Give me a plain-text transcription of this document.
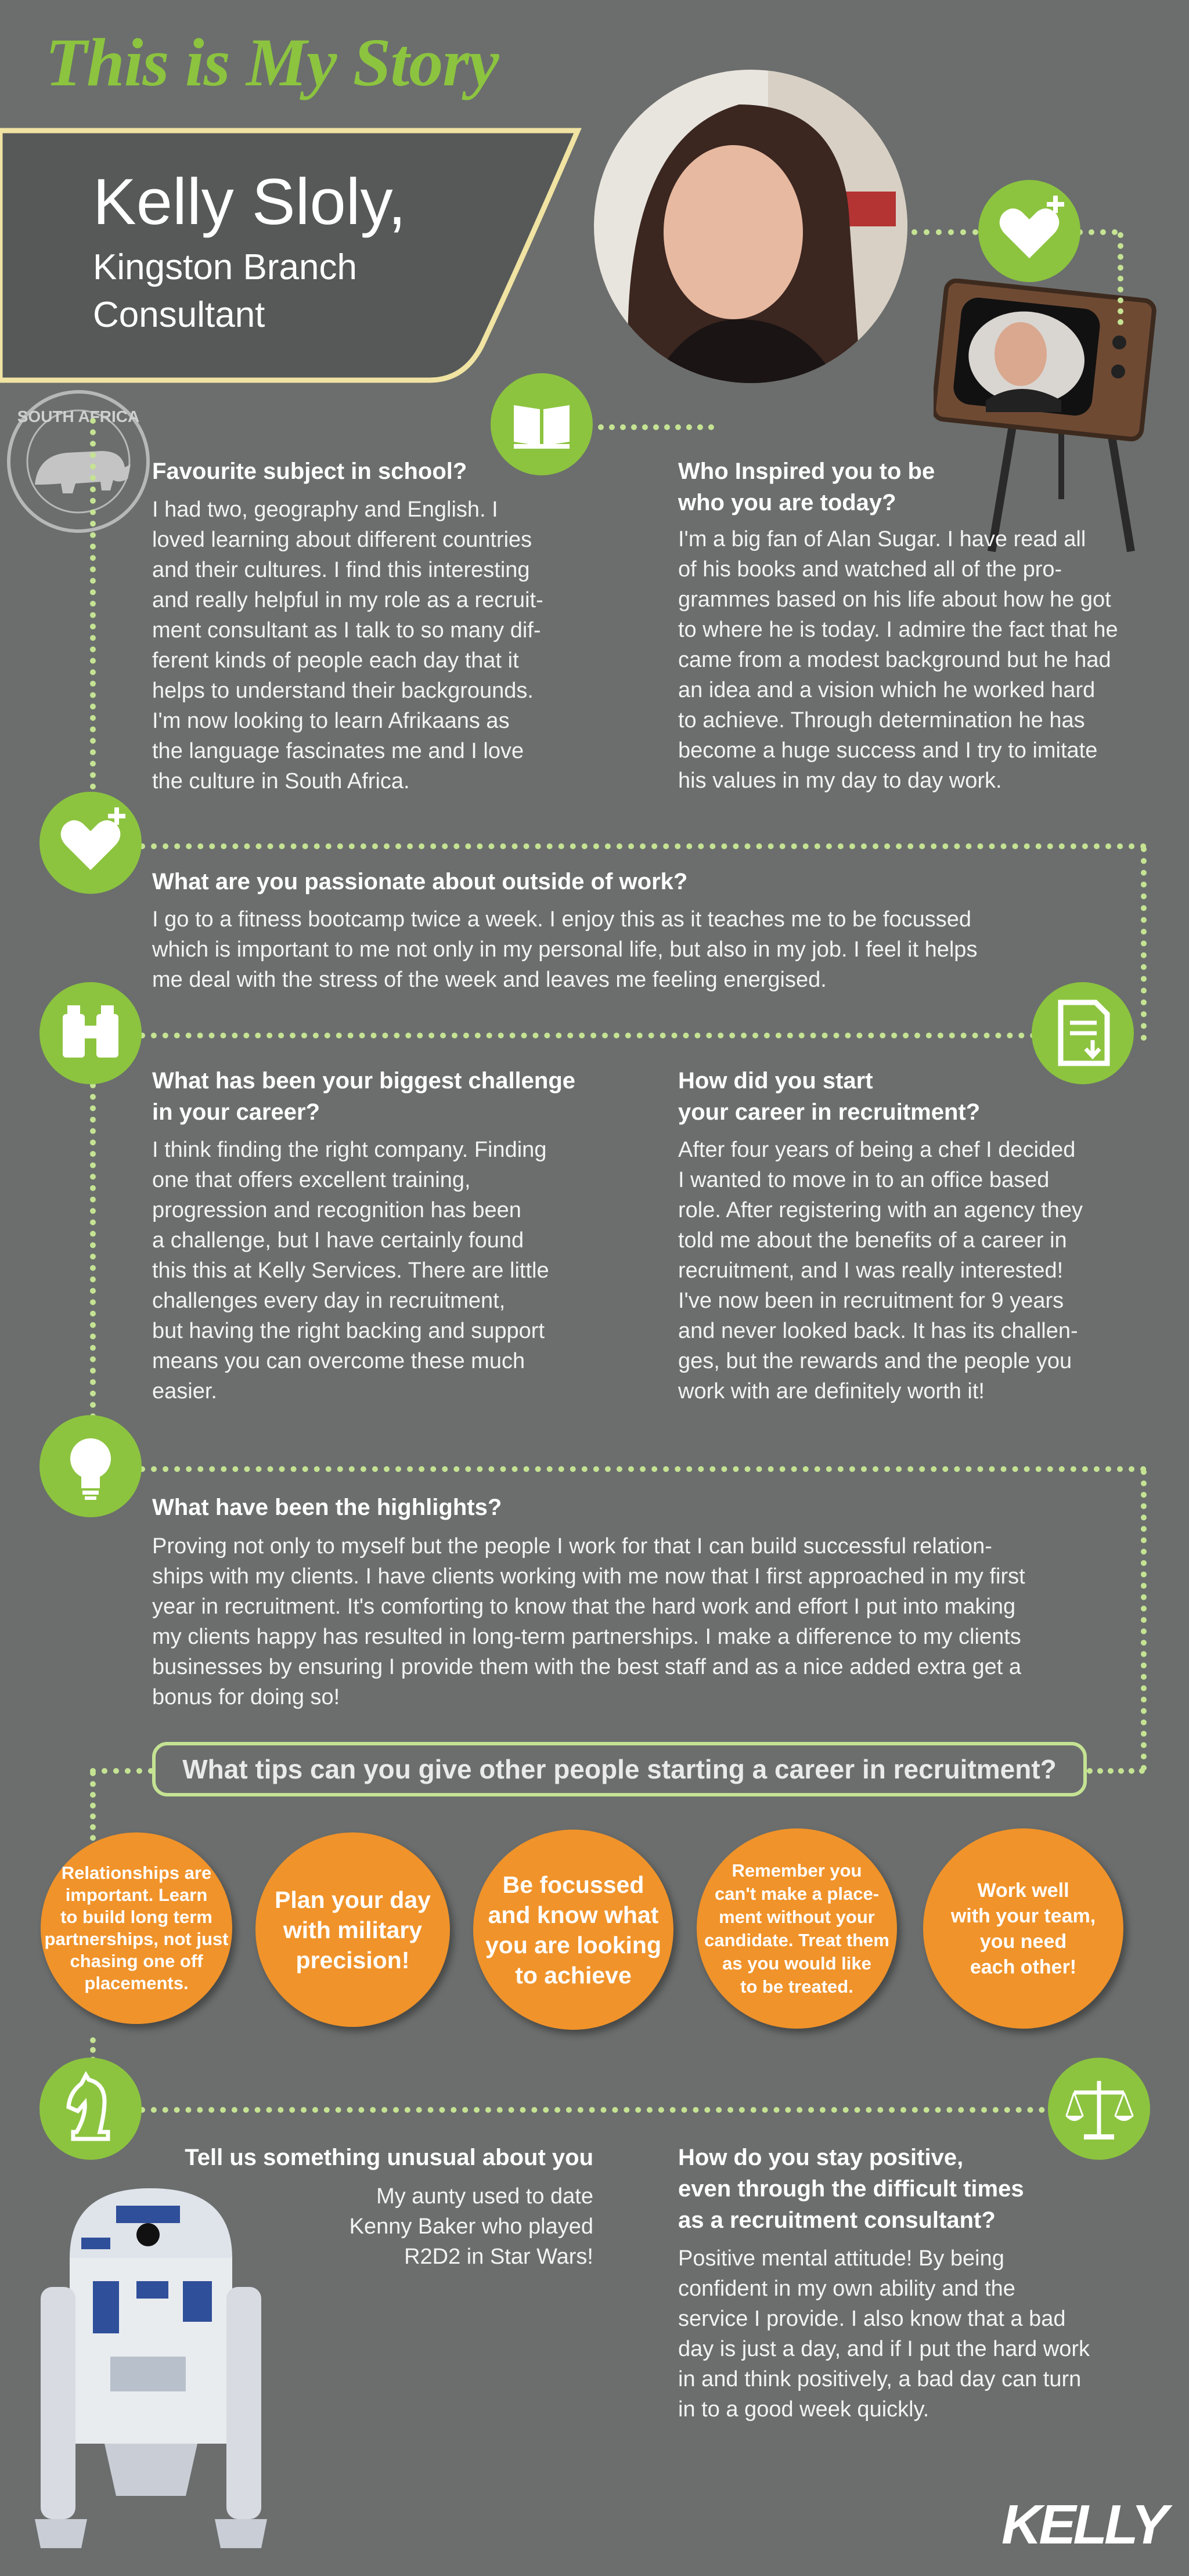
This is My Story
Kelly Sloly,
Kingston Branch
Consultant
SOUTH AFRICA
Favourite subject in school?
I had two, geography and English. I
loved learning about different countries
and their cultures. I find this interesting
and really helpful in my role as a recruit-
ment consultant as I talk to so many dif-
ferent kinds of people each day that it
helps to understand their backgrounds.
I'm now looking to learn Afrikaans as
the language fascinates me and I love
the culture in South Africa.
Who Inspired you to be
who you are today?
I'm a big fan of Alan Sugar. I have read all
of his books and watched all of the pro-
grammes based on his life about how he got
to where he is today. I admire the fact that he
came from a modest background but he had
an idea and a vision which he worked hard
to achieve. Through determination he has
become a huge success and I try to imitate
his values in my day to day work.
What are you passionate about outside of work?
I go to a fitness bootcamp twice a week. I enjoy this as it teaches me to be focussed
which is important to me not only in my personal life, but also in my job. I feel it helps
me deal with the stress of the week and leaves me feeling energised.
What has been your biggest challenge
in your career?
I think finding the right company. Finding
one that offers excellent training,
progression and recognition has been
a challenge, but I have certainly found
this this at Kelly Services. There are little
challenges every day in recruitment,
but having the right backing and support
means you can overcome these much
easier.
How did you start
your career in recruitment?
After four years of being a chef I decided
I wanted to move in to an office based
role. After registering with an agency they
told me about the benefits of a career in
recruitment, and I was really interested!
I've now been in recruitment for 9 years
and never looked back. It has its challen-
ges, but the rewards and the people you
work with are definitely worth it!
What have been the highlights?
Proving not only to myself but the people I work for that I can build successful relation-
ships with my clients. I have clients working with me now that I first approached in my first
year in recruitment. It's comforting to know that the hard work and effort I put into making
my clients happy has resulted in long-term partnerships. I make a difference to my clients
businesses by ensuring I provide them with the best staff and as a nice added extra get a
bonus for doing so!
What tips can you give other people starting a career in recruitment?
Relationships are
important. Learn
to build long term
partnerships, not just
chasing one off
placements.
Plan your day
with military
precision!
Be focussed
and know what
you are looking
to achieve
Remember you
can't make a place-
ment without your
candidate. Treat them
as you would like
to be treated.
Work well
with your team,
you need
each other!
Tell us something unusual about you
My aunty used to date
Kenny Baker who played
R2D2 in Star Wars!
How do you stay positive,
even through the difficult times
as a recruitment consultant?
Positive mental attitude! By being
confident in my own ability and the
service I provide. I also know that a bad
day is just a day, and if I put the hard work
in and think positively, a bad day can turn
in to a good week quickly.
KELLY
